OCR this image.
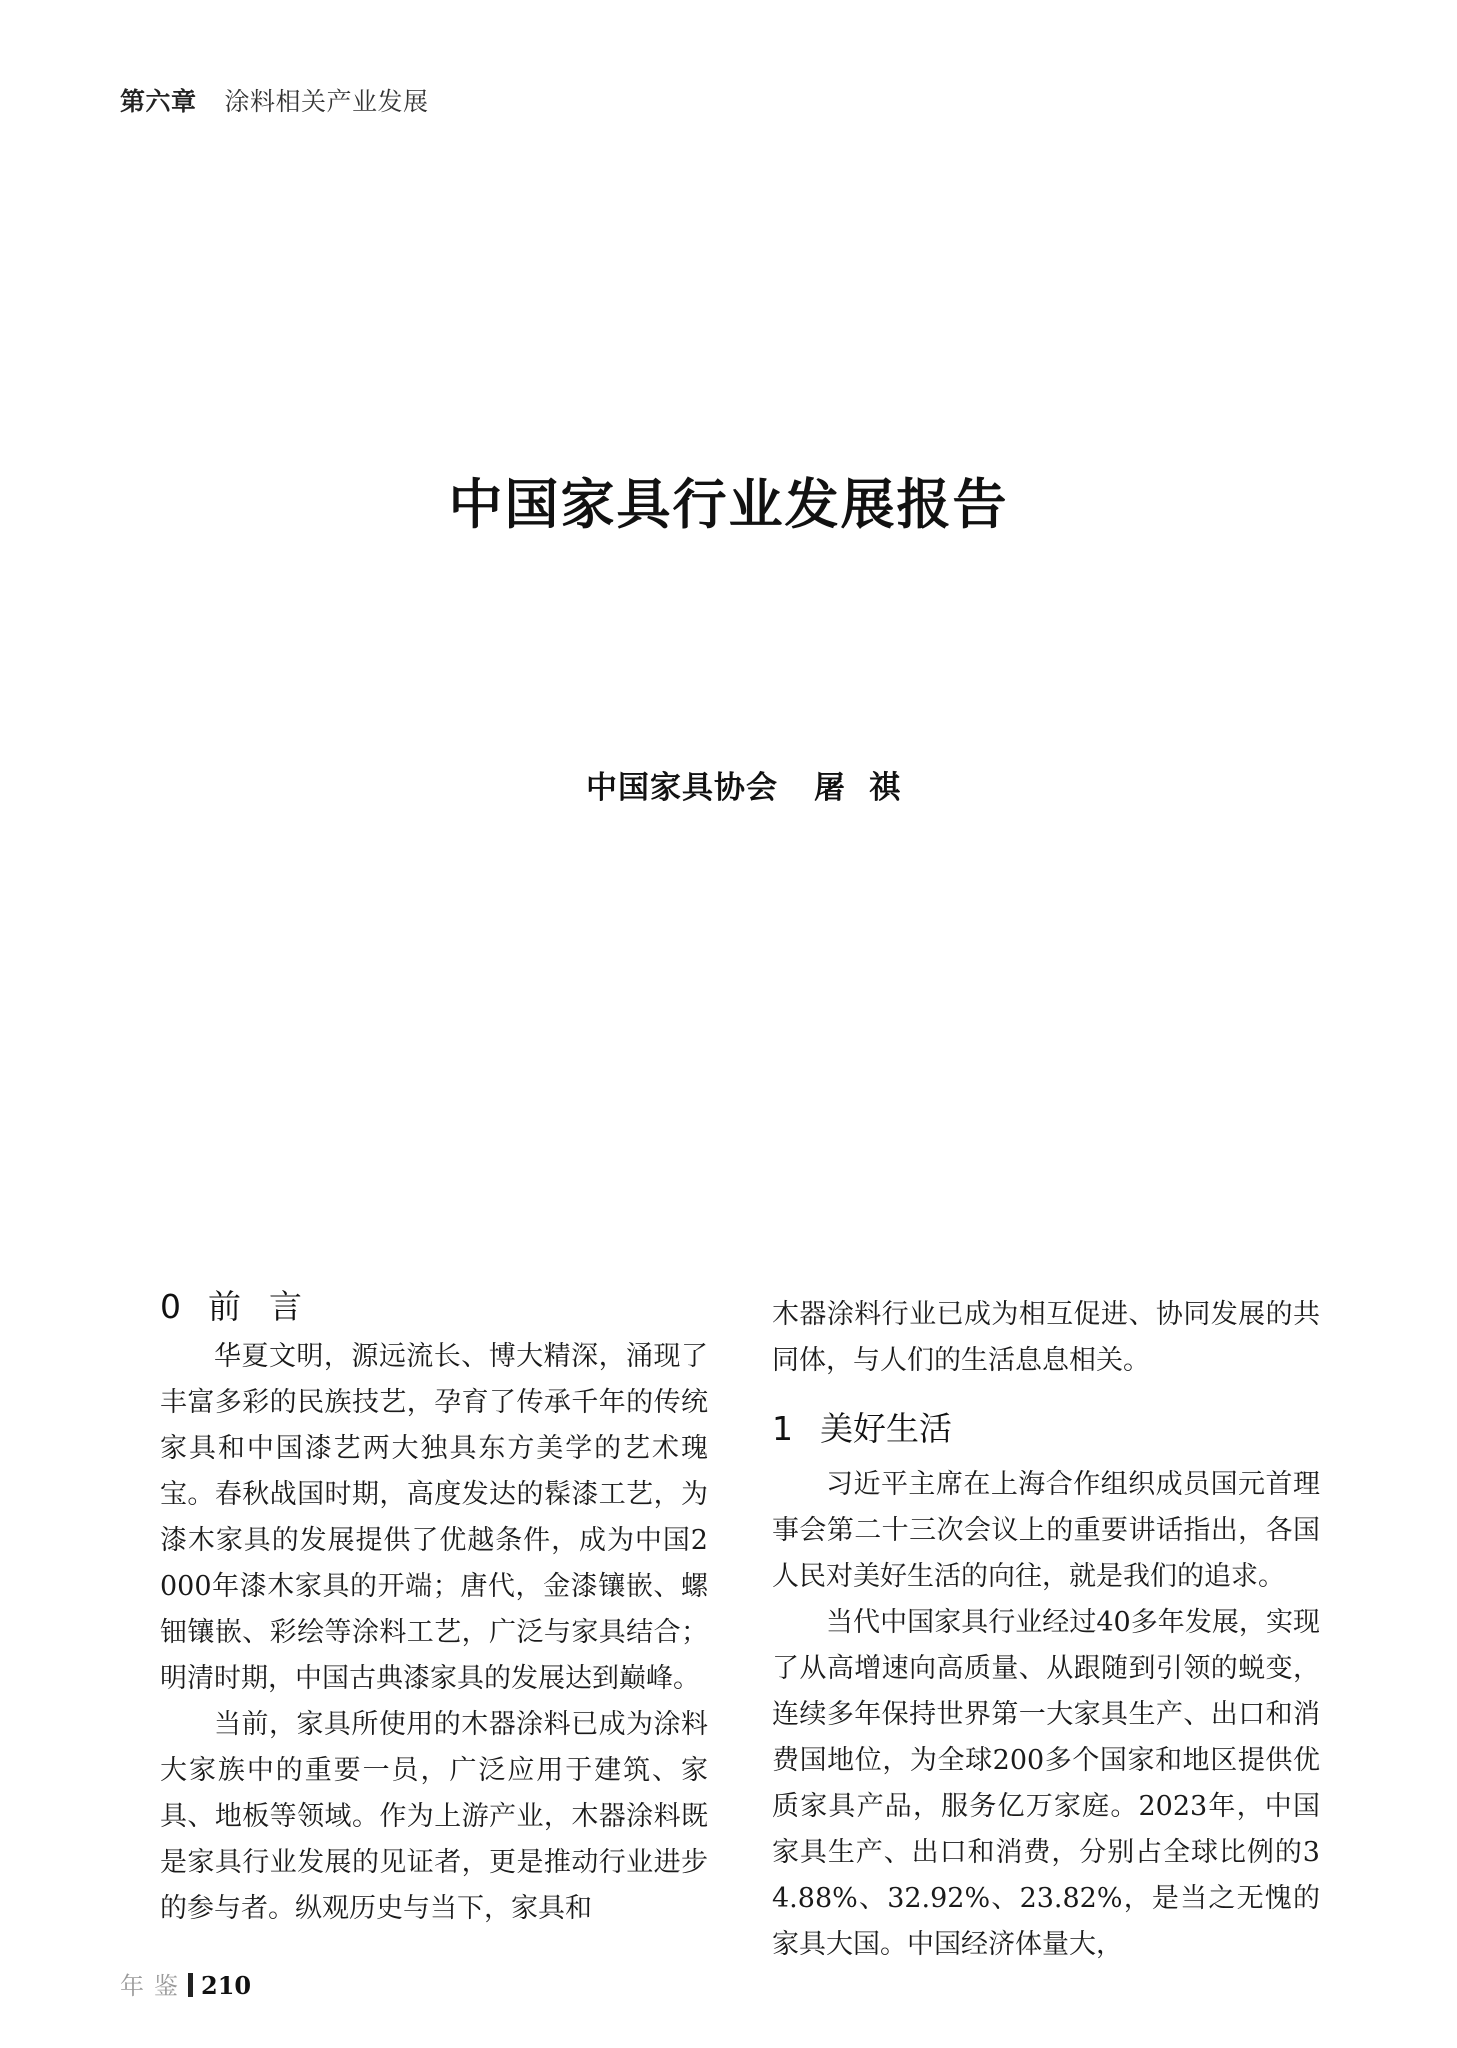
第六章 涂料相关产业发展
中国家具行业发展报告
中国家具协会 屠祺
0 前言

华夏文明，源远流长、博大精深，涌现了丰富多彩的民族技艺，孕育了传承千年的传统家具和中国漆艺两大独具东方美学的艺术瑰宝。春秋战国时期，高度发达的髹漆工艺，为漆木家具的发展提供了优越条件，成为中国2 000年漆木家具的开端；唐代，金漆镶嵌、螺钿镶嵌、彩绘等涂料工艺，广泛与家具结合；明清时期，中国古典漆家具的发展达到巅峰。

当前，家具所使用的木器涂料已成为涂料大家族中的重要一员，广泛应用于建筑、家具、地板等领域。作为上游产业，木器涂料既是家具行业发展的见证者，更是推动行业进步的参与者。纵观历史与当下，家具和

木器涂料行业已成为相互促进、协同发展的共同体，与人们的生活息息相关。

1 美好生活

习近平主席在上海合作组织成员国元首理事会第二十三次会议上的重要讲话指出，各国人民对美好生活的向往，就是我们的追求。

当代中国家具行业经过40多年发展，实现了从高增速向高质量、从跟随到引领的蜕变，连续多年保持世界第一大家具生产、出口和消费国地位，为全球200多个国家和地区提供优质家具产品，服务亿万家庭。2023年，中国家具生产、出口和消费，分别占全球比例的34.88%、32.92%、23.82%，是当之无愧的家具大国。中国经济体量大，

年鉴 210
